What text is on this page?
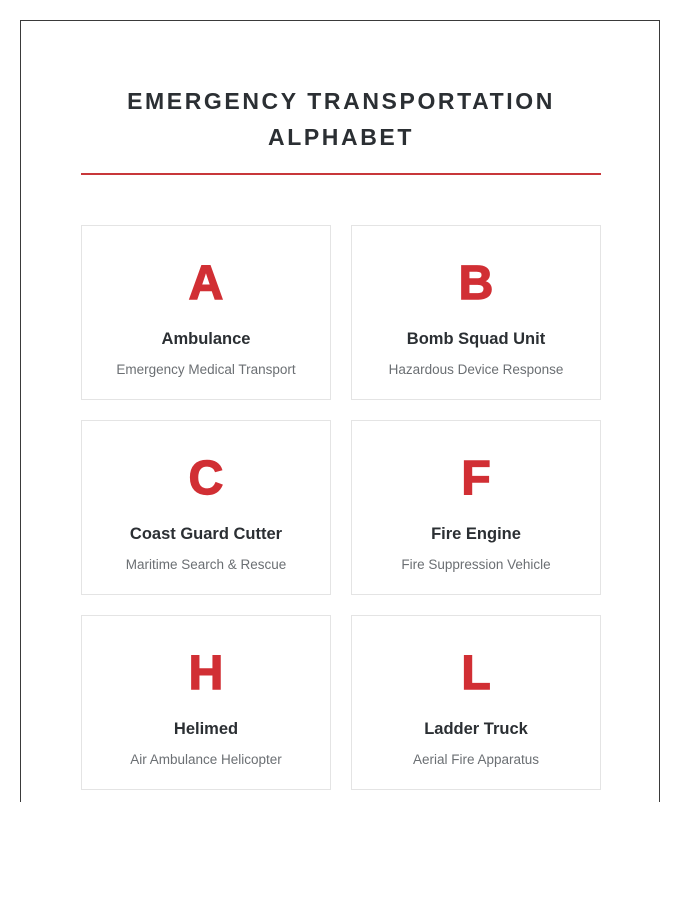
EMERGENCY TRANSPORTATION ALPHABET
A
Ambulance
Emergency Medical Transport
B
Bomb Squad Unit
Hazardous Device Response
C
Coast Guard Cutter
Maritime Search & Rescue
F
Fire Engine
Fire Suppression Vehicle
H
Helimed
Air Ambulance Helicopter
L
Ladder Truck
Aerial Fire Apparatus
